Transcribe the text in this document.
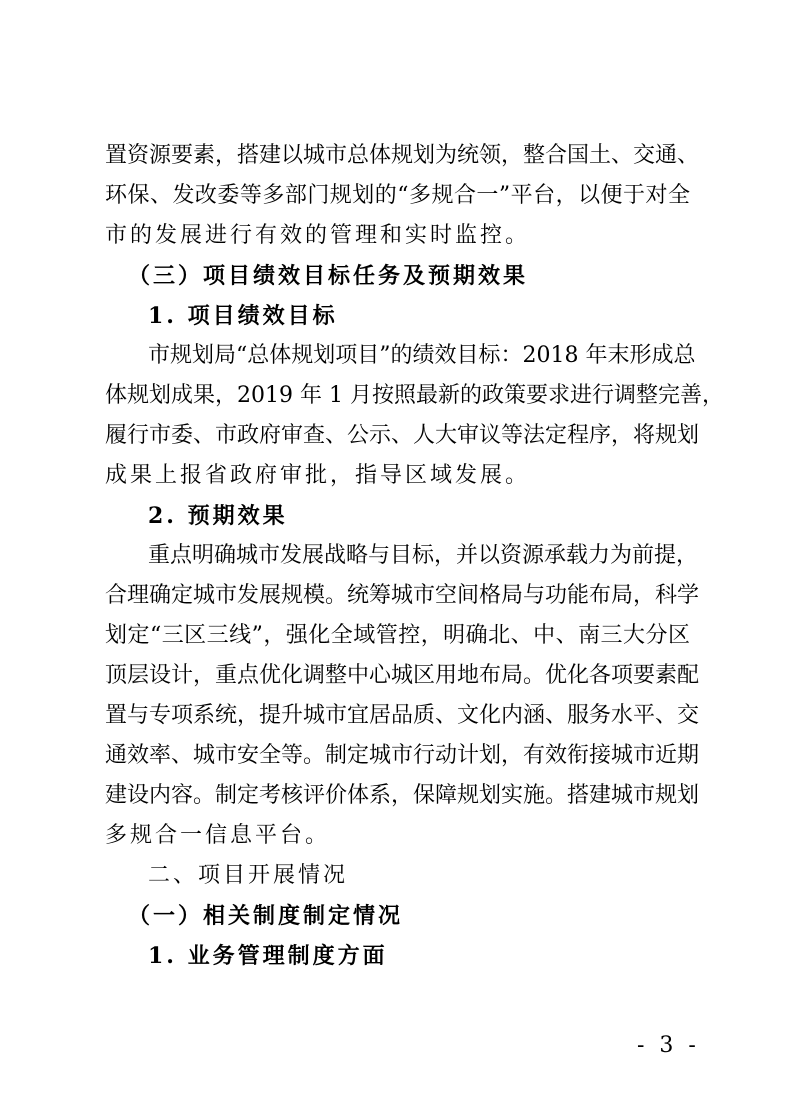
置资源要素，搭建以城市总体规划为统领，整合国土、交通、
环保、发改委等多部门规划的“多规合一”平台，以便于对全
市的发展进行有效的管理和实时监控。
（三）项目绩效目标任务及预期效果
1. 项目绩效目标
市规划局“总体规划项目”的绩效目标：2018 年末形成总
体规划成果，2019 年 1 月按照最新的政策要求进行调整完善，
履行市委、市政府审查、公示、人大审议等法定程序，将规划
成果上报省政府审批，指导区域发展。
2. 预期效果
重点明确城市发展战略与目标，并以资源承载力为前提，
合理确定城市发展规模。统筹城市空间格局与功能布局，科学
划定“三区三线”，强化全域管控，明确北、中、南三大分区
顶层设计，重点优化调整中心城区用地布局。优化各项要素配
置与专项系统，提升城市宜居品质、文化内涵、服务水平、交
通效率、城市安全等。制定城市行动计划，有效衔接城市近期
建设内容。制定考核评价体系，保障规划实施。搭建城市规划
多规合一信息平台。
二、项目开展情况
（一）相关制度制定情况
1. 业务管理制度方面
- 3 -
